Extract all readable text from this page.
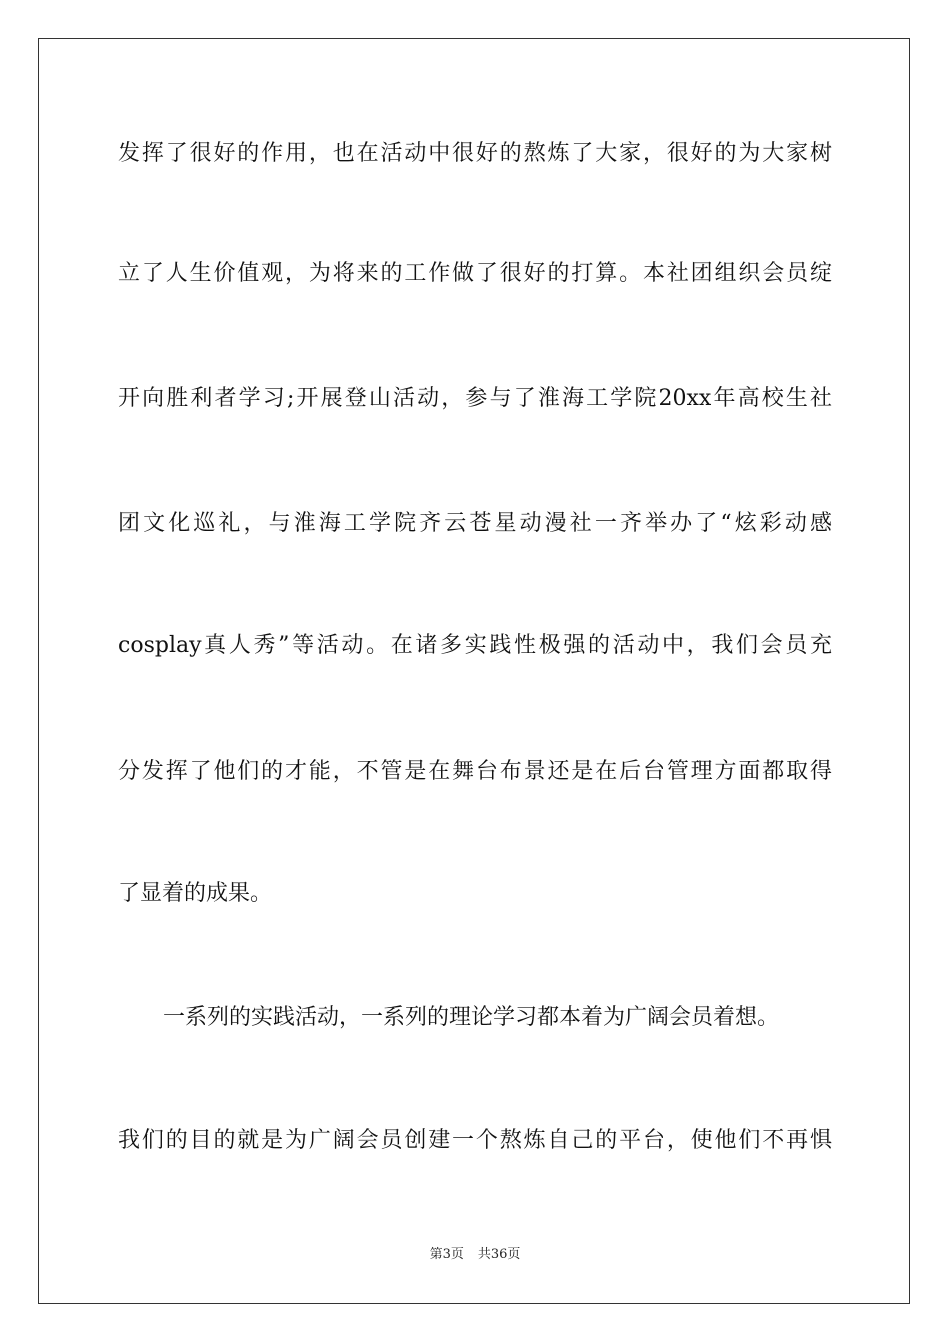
发挥了很好的作用，也在活动中很好的熬炼了大家，很好的为大家树
立了人生价值观，为将来的工作做了很好的打算。本社团组织会员绽
开向胜利者学习;开展登山活动，参与了淮海工学院20xx年高校生社
团文化巡礼，与淮海工学院齐云苍星动漫社一齐举办了“炫彩动感
cosplay真人秀”等活动。在诸多实践性极强的活动中，我们会员充
分发挥了他们的才能，不管是在舞台布景还是在后台管理方面都取得
了显着的成果。
一系列的实践活动，一系列的理论学习都本着为广阔会员着想。
我们的目的就是为广阔会员创建一个熬炼自己的平台，使他们不再惧
第3页 共36页
